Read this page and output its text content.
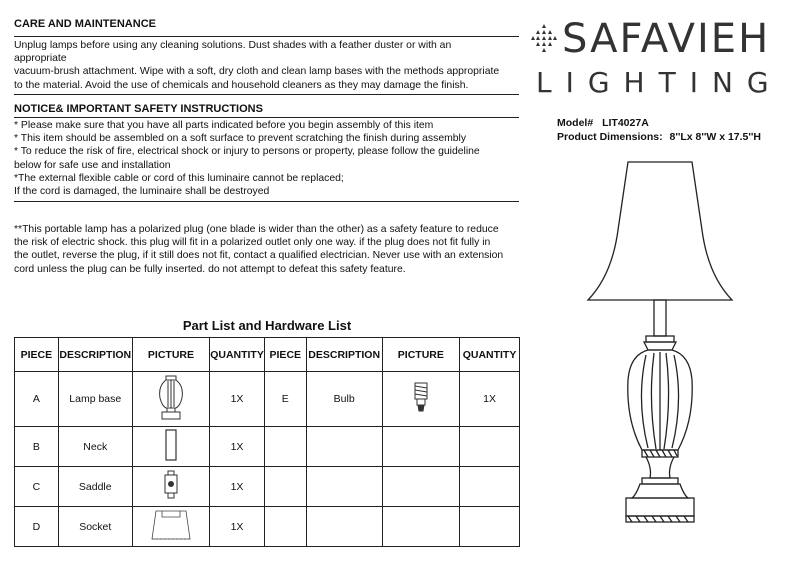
CARE AND MAINTENANCE
Unplug lamps before using any cleaning solutions. Dust shades with a feather duster or with an
appropriate
vacuum-brush attachment. Wipe with a soft, dry cloth and clean lamp bases with the methods appropriate
to the material. Avoid the use of chemicals and household cleaners as they may damage the finish.
NOTICE& IMPORTANT SAFETY INSTRUCTIONS
* Please make sure that you have all parts indicated before you begin assembly of this item
* This item should be assembled on a soft surface to prevent scratching the finish during assembly
* To reduce the risk of fire, electrical shock or injury to persons or property, please follow the guideline
below for safe use and installation
*The external flexible cable or cord of this luminaire cannot be replaced;
If the cord is damaged, the luminaire shall be destroyed
**This portable lamp has a polarized plug (one blade is wider than the other) as a safety feature to reduce
the risk of electric shock. this plug will fit in a polarized outlet only one way. if the plug does not fit fully in
the outlet, reverse the plug, if it still does not fit, contact a qualified electrician. Never use with an extension
cord unless the plug can be fully inserted. do not attempt to defeat this safety feature.
SAFAVIEH
LIGHTING
Model# LIT4027A
Product Dimensions: 8''Lx 8''W x 17.5''H
Part List and Hardware List
PIECE	DESCRIPTION	PICTURE	QUANTITY	PIECE	DESCRIPTION	PICTURE	QUANTITY
A	Lamp base		1X	E	Bulb		1X
B	Neck		1X				
C	Saddle		1X				
D	Socket		1X				
